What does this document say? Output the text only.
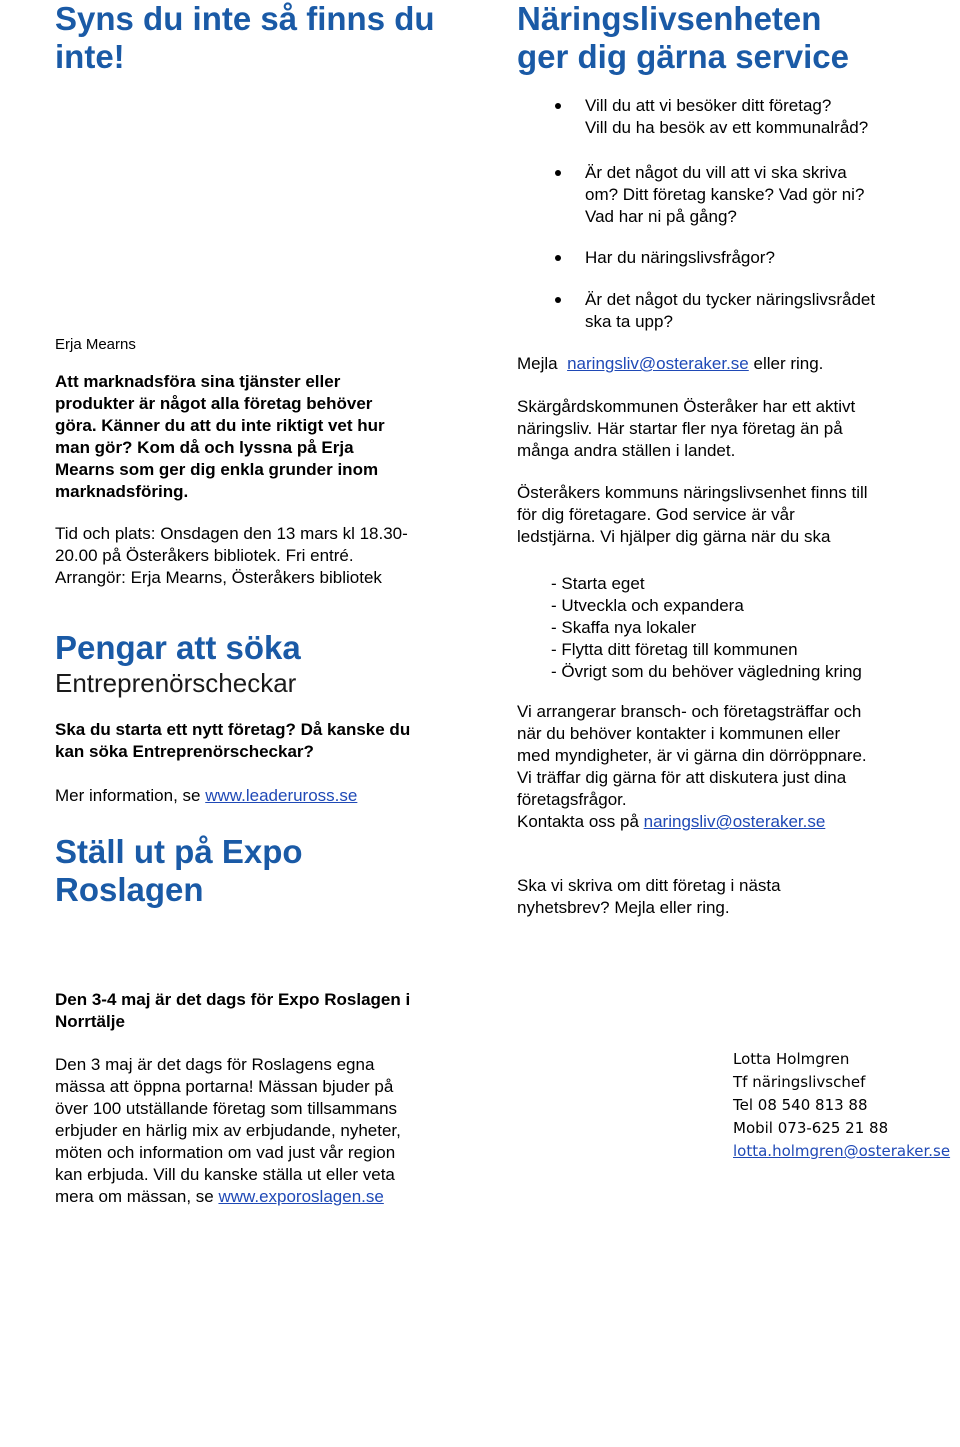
Syns du inte så finns du
inte!
Erja Mearns
Att marknadsföra sina tjänster eller
produkter är något alla företag behöver
göra. Känner du att du inte riktigt vet hur
man gör? Kom då och lyssna på Erja
Mearns som ger dig enkla grunder inom
marknadsföring.
Tid och plats: Onsdagen den 13 mars kl 18.30-
20.00 på Österåkers bibliotek. Fri entré.
Arrangör: Erja Mearns, Österåkers bibliotek
Pengar att söka
Entreprenörscheckar
Ska du starta ett nytt företag? Då kanske du
kan söka Entreprenörscheckar?
Mer information, se www.leaderuross.se
Ställ ut på Expo
Roslagen
Näringslivsenheten
ger dig gärna service
Vill du att vi besöker ditt företag?
Vill du ha besök av ett kommunalråd?
Är det något du vill att vi ska skriva
om? Ditt företag kanske? Vad gör ni?
Vad har ni på gång?
Har du näringslivsfrågor?
Är det något du tycker näringslivsrådet
ska ta upp?
Mejla  naringsliv@osteraker.se eller ring.
Skärgårdskommunen Österåker har ett aktivt
näringsliv. Här startar fler nya företag än på
många andra ställen i landet.
Österåkers kommuns näringslivsenhet finns till
för dig företagare. God service är vår
ledstjärna. Vi hjälper dig gärna när du ska
- Starta eget
- Utveckla och expandera
- Skaffa nya lokaler
- Flytta ditt företag till kommunen
- Övrigt som du behöver vägledning kring
Vi arrangerar bransch- och företagsträffar och
när du behöver kontakter i kommunen eller
med myndigheter, är vi gärna din dörröppnare.
Vi träffar dig gärna för att diskutera just dina
företagsfrågor.
Kontakta oss på naringsliv@osteraker.se
Ska vi skriva om ditt företag i nästa
nyhetsbrev? Mejla eller ring.
Den 3-4 maj är det dags för Expo Roslagen i
Norrtälje
Den 3 maj är det dags för Roslagens egna
mässa att öppna portarna! Mässan bjuder på
över 100 utställande företag som tillsammans
erbjuder en härlig mix av erbjudande, nyheter,
möten och information om vad just vår region
kan erbjuda. Vill du kanske ställa ut eller veta
mera om mässan, se www.exporoslagen.se
Lotta Holmgren
Tf näringslivschef
Tel 08 540 813 88
Mobil 073-625 21 88
lotta.holmgren@osteraker.se
